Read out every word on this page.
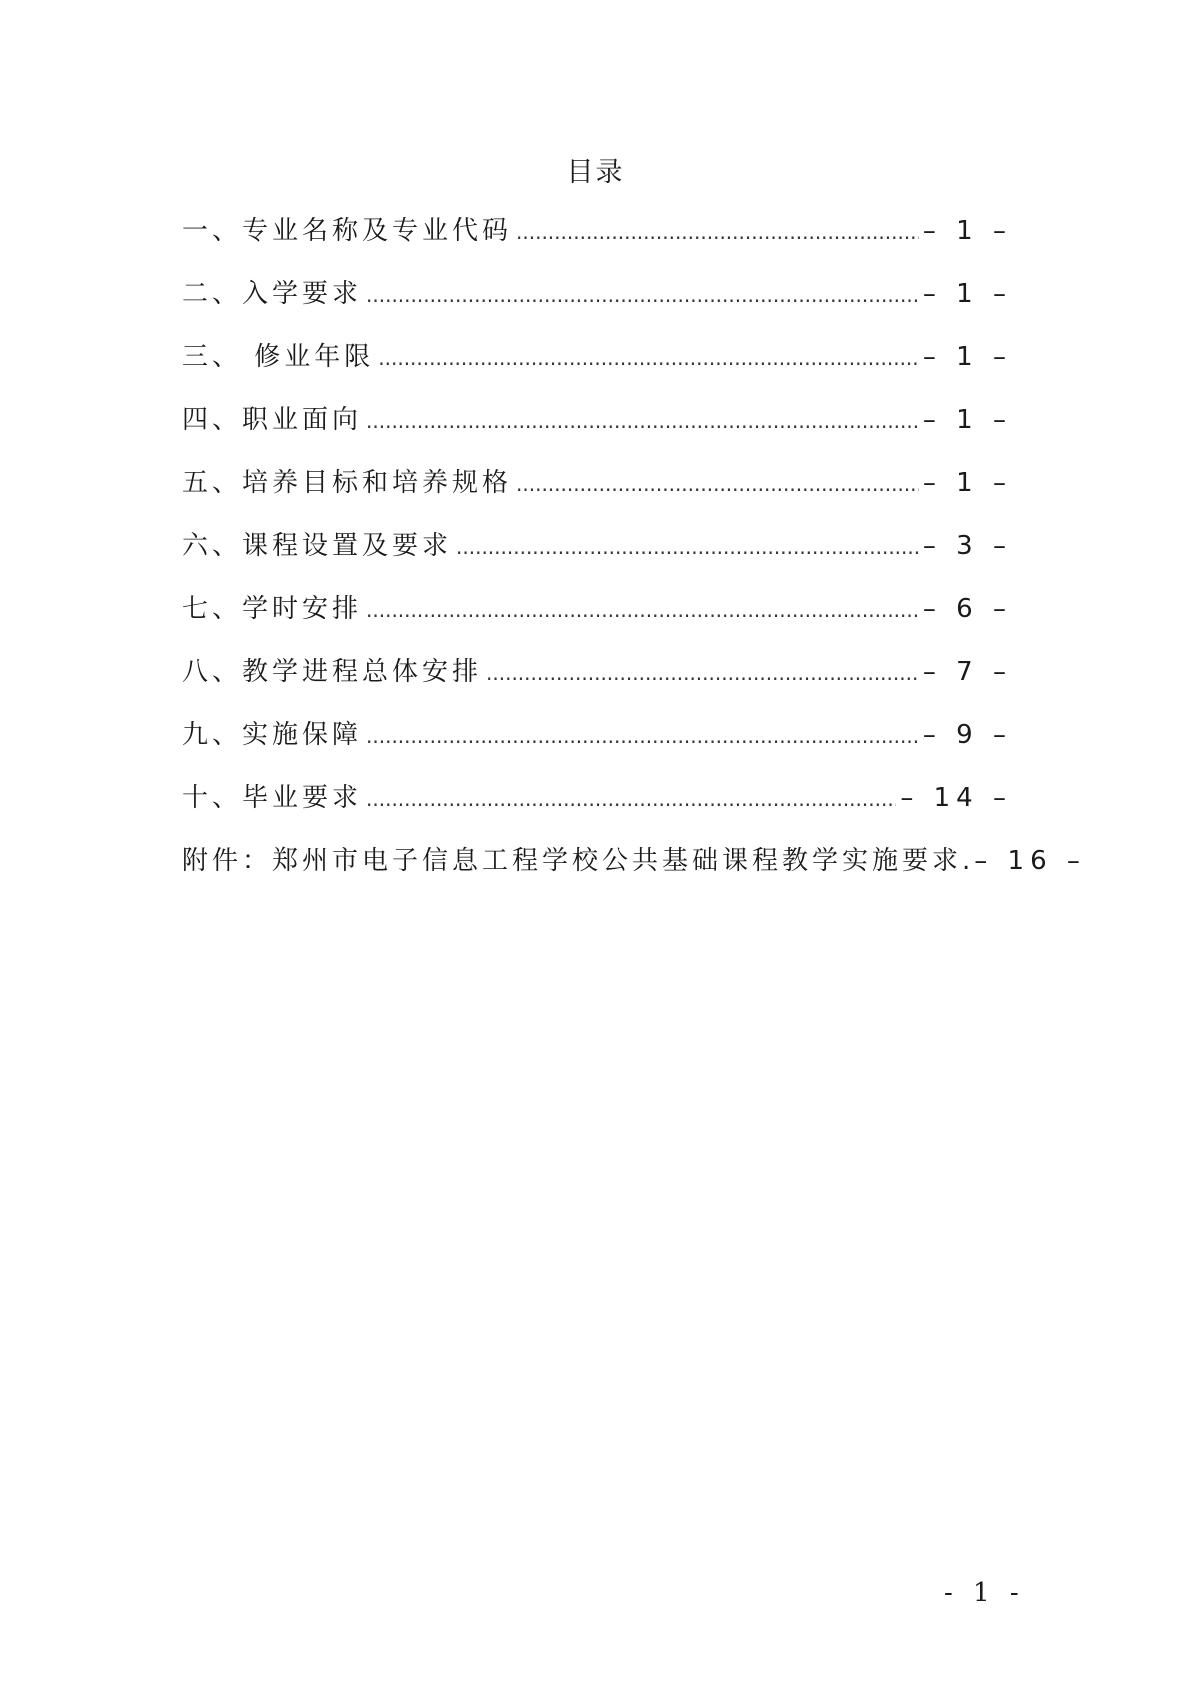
目录
一、专业名称及专业代码 .....	– 1 –
二、入学要求 .....	– 1 –
三、 修业年限 .....	– 1 –
四、职业面向 .....	– 1 –
五、培养目标和培养规格 .....	– 1 –
六、课程设置及要求 .....	– 3 –
七、学时安排 .....	– 6 –
八、教学进程总体安排 .....	– 7 –
九、实施保障 .....	– 9 –
十、毕业要求 .....	– 14 –
附件：郑州市电子信息工程学校公共基础课程教学实施要求. – 16 –
- 1 -
